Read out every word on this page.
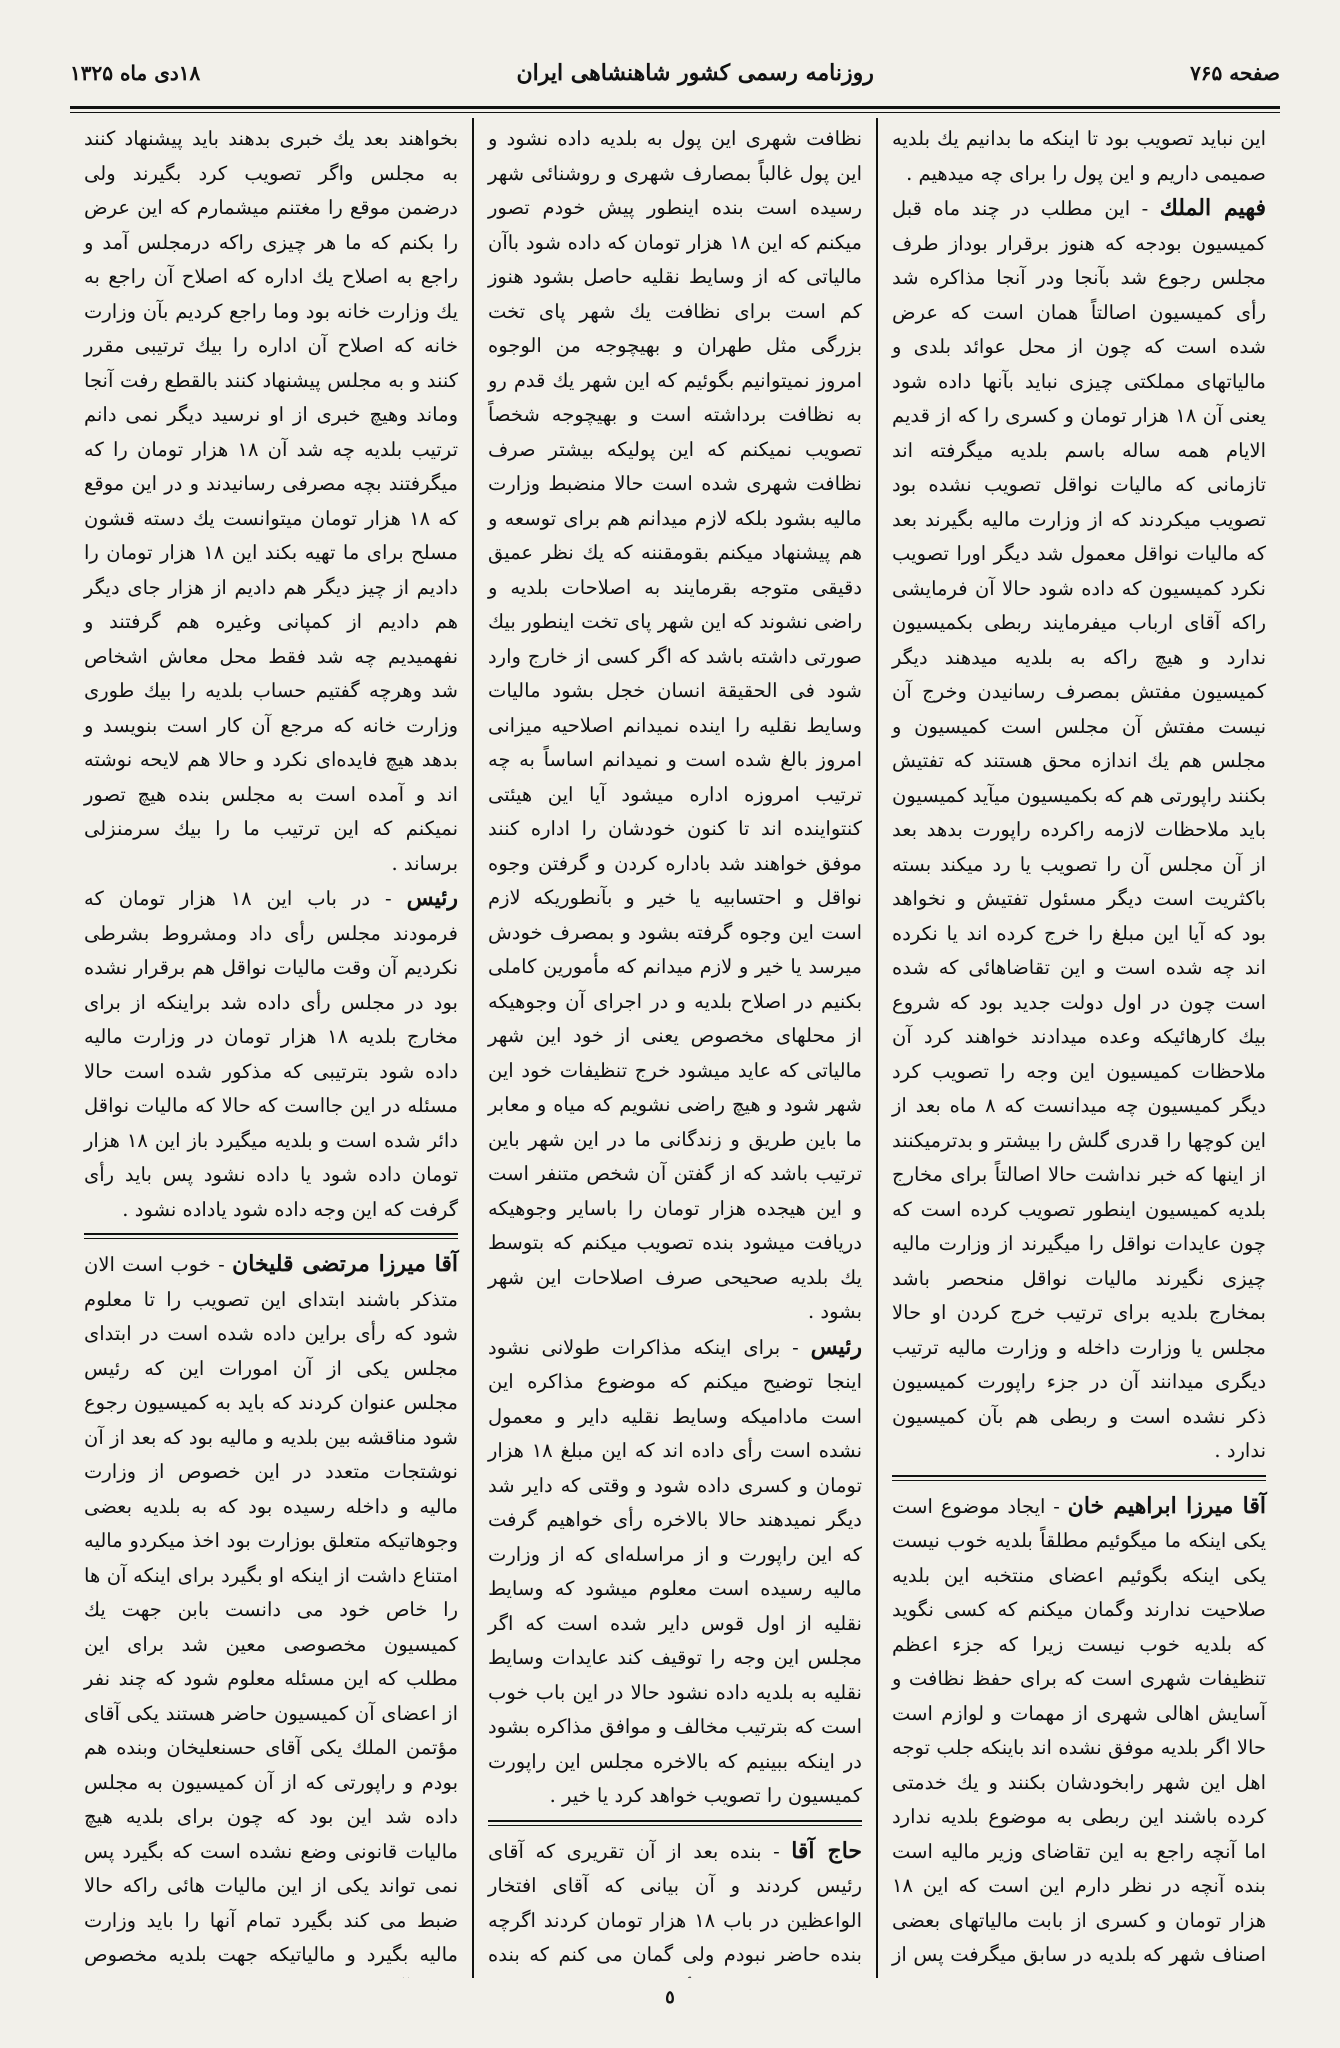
صفحه ۷۶۵
روزنامه رسمی کشور شاهنشاهی ایران
۱۸دی ماه ۱۳۲۵

این نباید تصویب بود تا اینکه ما بدانیم یك بلدیه صمیمی داریم و این پول را برای چه میدهیم .

فهیم الملك - این مطلب در چند ماه قبل کمیسیون بودجه که هنوز برقرار بوداز طرف مجلس رجوع شد بآنجا ودر آنجا مذاکره شد رأی کمیسیون اصالتاً همان است که عرض شده است که چون از محل عوائد بلدی و مالیاتهای مملکتی چیزی نباید بآنها داده شود یعنی آن ۱۸ هزار تومان و کسری را که از قدیم الایام همه ساله باسم بلدیه میگرفته اند تازمانی که مالیات نواقل تصویب نشده بود تصویب میکردند که از وزارت مالیه بگیرند بعد که مالیات نواقل معمول شد دیگر اورا تصویب نکرد کمیسیون که داده شود حالا آن فرمایشی راکه آقای ارباب میفرمایند ربطی بکمیسیون ندارد و هیچ راکه به بلدیه میدهند دیگر کمیسیون مفتش بمصرف رسانیدن وخرج آن نیست مفتش آن مجلس است کمیسیون و مجلس هم یك اندازه محق هستند که تفتیش بکنند راپورتی هم که بکمیسیون میآید کمیسیون باید ملاحظات لازمه راکرده راپورت بدهد بعد از آن مجلس آن را تصویب یا رد میکند بسته باکثریت است دیگر مسئول تفتیش و نخواهد بود که آیا این مبلغ را خرج کرده اند یا نکرده اند چه شده است و این تقاضاهائی که شده است چون در اول دولت جدید بود که شروع بیك کارهائیکه وعده میدادند خواهند کرد آن ملاحظات کمیسیون این وجه را تصویب کرد دیگر کمیسیون چه میدانست که ۸ ماه بعد از این کوچها را قدری گلش را بیشتر و بدترمیکنند از اینها که خبر نداشت حالا اصالتاً برای مخارج بلدیه کمیسیون اینطور تصویب کرده است که چون عایدات نواقل را میگیرند از وزارت مالیه چیزی نگیرند مالیات نواقل منحصر باشد بمخارج بلدیه برای ترتیب خرج کردن او حالا مجلس یا وزارت داخله و وزارت مالیه ترتیب دیگری میدانند آن در جزء راپورت کمیسیون ذکر نشده است و ربطی هم بآن کمیسیون ندارد .

آقا میرزا ابراهیم خان - ایجاد موضوع است یکی اینکه ما میگوئیم مطلقاً بلدیه خوب نیست یکی اینکه بگوئیم اعضای منتخبه این بلدیه صلاحیت ندارند وگمان میکنم که کسی نگوید که بلدیه خوب نیست زیرا که جزء اعظم تنظیفات شهری است که برای حفظ نظافت و آسایش اهالی شهری از مهمات و لوازم است حالا اگر بلدیه موفق نشده اند باینکه جلب توجه اهل این شهر رابخودشان بکنند و یك خدمتی کرده باشند این ربطی به موضوع بلدیه ندارد اما آنچه راجع به این تقاضای وزیر مالیه است بنده آنچه در نظر دارم این است که این ۱۸ هزار تومان و کسری از بابت مالیاتهای بعضی اصناف شهر که بلدیه در سابق میگرفت پس از

نظافت شهری این پول به بلدیه داده نشود و این پول غالباً بمصارف شهری و روشنائی شهر رسیده است بنده اینطور پیش خودم تصور میکنم که این ۱۸ هزار تومان که داده شود باآن مالیاتی که از وسایط نقلیه حاصل بشود هنوز کم است برای نظافت یك شهر پای تخت بزرگی مثل طهران و بهیچوجه من الوجوه امروز نمیتوانیم بگوئیم که این شهر یك قدم رو به نظافت برداشته است و بهیچوجه شخصاً تصویب نمیکنم که این پولیکه بیشتر صرف نظافت شهری شده است حالا منضبط وزارت مالیه بشود بلکه لازم میدانم هم برای توسعه و هم پیشنهاد میکنم بقومقننه که یك نظر عمیق دقیقی متوجه بقرمایند به اصلاحات بلدیه و راضی نشوند که این شهر پای تخت اینطور بیك صورتی داشته باشد که اگر کسی از خارج وارد شود فی الحقیقة انسان خجل بشود مالیات وسایط نقلیه را اینده نمیدانم اصلاحیه میزانی امروز بالغ شده است و نمیدانم اساساً به چه ترتیب امروزه اداره میشود آیا این هیئتی کنتواینده اند تا کنون خودشان را اداره کنند موفق خواهند شد باداره کردن و گرفتن وجوه نواقل و احتسابیه یا خیر و بآنطوریکه لازم است این وجوه گرفته بشود و بمصرف خودش میرسد یا خیر و لازم میدانم که مأمورین کاملی بکنیم در اصلاح بلدیه و در اجرای آن وجوهیکه از محلهای مخصوص یعنی از خود این شهر مالیاتی که عاید میشود خرج تنظیفات خود این شهر شود و هیچ راضی نشویم که میاه و معابر ما باین طریق و زندگانی ما در این شهر باین ترتیب باشد که از گفتن آن شخص متنفر است و این هیجده هزار تومان را باسایر وجوهیکه دریافت میشود بنده تصویب میکنم که بتوسط یك بلدیه صحیحی صرف اصلاحات این شهر بشود .

رئیس - برای اینکه مذاکرات طولانی نشود اینجا توضیح میکنم که موضوع مذاکره این است مادامیکه وسایط نقلیه دایر و معمول نشده است رأی داده اند که این مبلغ ۱۸ هزار تومان و کسری داده شود و وقتی که دایر شد دیگر نمیدهند حالا بالاخره رأی خواهیم گرفت که این راپورت و از مراسله‌ای که از وزارت مالیه رسیده است معلوم میشود که وسایط نقلیه از اول قوس دایر شده است که اگر مجلس این وجه را توقیف کند عایدات وسایط نقلیه به بلدیه داده نشود حالا در این باب خوب است که بترتیب مخالف و موافق مذاکره بشود در اینکه ببینیم که بالاخره مجلس این راپورت کمیسیون را تصویب خواهد کرد یا خیر .

حاج آقا - بنده بعد از آن تقریری که آقای رئیس کردند و آن بیانی که آقای افتخار الواعظین در باب ۱۸ هزار تومان کردند اگرچه بنده حاضر نبودم ولی گمان می کنم که بنده

بخواهند بعد یك خبری بدهند باید پیشنهاد کنند به مجلس واگر تصویب کرد بگیرند ولی درضمن موقع را مغتنم میشمارم که این عرض را بکنم که ما هر چیزی راکه درمجلس آمد و راجع به اصلاح یك اداره که اصلاح آن راجع به یك وزارت خانه بود وما راجع کردیم بآن وزارت خانه که اصلاح آن اداره را بیك ترتیبی مقرر کنند و به مجلس پیشنهاد کنند بالقطع رفت آنجا وماند وهیچ خبری از او نرسید دیگر نمی دانم ترتیب بلدیه چه شد آن ۱۸ هزار تومان را که میگرفتند بچه مصرفی رسانیدند و در این موقع که ۱۸ هزار تومان میتوانست یك دسته قشون مسلح برای ما تهیه بکند این ۱۸ هزار تومان را دادیم از چیز دیگر هم دادیم از هزار جای دیگر هم دادیم از کمپانی وغیره هم گرفتند و نفهمیدیم چه شد فقط محل معاش اشخاص شد وهرچه گفتیم حساب بلدیه را بیك طوری وزارت خانه که مرجع آن کار است بنویسد و بدهد هیچ فایده‌ای نکرد و حالا هم لایحه نوشته اند و آمده است به مجلس بنده هیچ تصور نمیکنم که این ترتیب ما را بیك سرمنزلی برساند .

رئیس - در باب این ۱۸ هزار تومان که فرمودند مجلس رأی داد ومشروط بشرطی نکردیم آن وقت مالیات نواقل هم برقرار نشده بود در مجلس رأی داده شد براینکه از برای مخارج بلدیه ۱۸ هزار تومان در وزارت مالیه داده شود بترتیبی که مذکور شده است حالا مسئله در این جااست که حالا که مالیات نواقل دائر شده است و بلدیه میگیرد باز این ۱۸ هزار تومان داده شود یا داده نشود پس باید رأی گرفت که این وجه داده شود یاداده نشود .

آقا میرزا مرتضی قلیخان - خوب است الان متذکر باشند ابتدای این تصویب را تا معلوم شود که رأی براین داده شده است در ابتدای مجلس یکی از آن امورات این که رئیس مجلس عنوان کردند که باید به کمیسیون رجوع شود مناقشه بین بلدیه و مالیه بود که بعد از آن نوشتجات متعدد در این خصوص از وزارت مالیه و داخله رسیده بود که به بلدیه بعضی وجوهاتیکه متعلق بوزارت بود اخذ میکردو مالیه امتناع داشت از اینکه او بگیرد برای اینکه آن ها را خاص خود می دانست بابن جهت یك کمیسیون مخصوصی معین شد برای این مطلب که این مسئله معلوم شود که چند نفر از اعضای آن کمیسیون حاضر هستند یکی آقای مؤتمن الملك یکی آقای حسنعلیخان وبنده هم بودم و راپورتی که از آن کمیسیون به مجلس داده شد این بود که چون برای بلدیه هیچ مالیات قانونی وضع نشده است که بگیرد پس نمی تواند یکی از این مالیات هائی راکه حالا ضبط می کند بگیرد تمام آنها را باید وزارت مالیه بگیرد و مالیاتیکه جهت بلدیه مخصوص

٥
